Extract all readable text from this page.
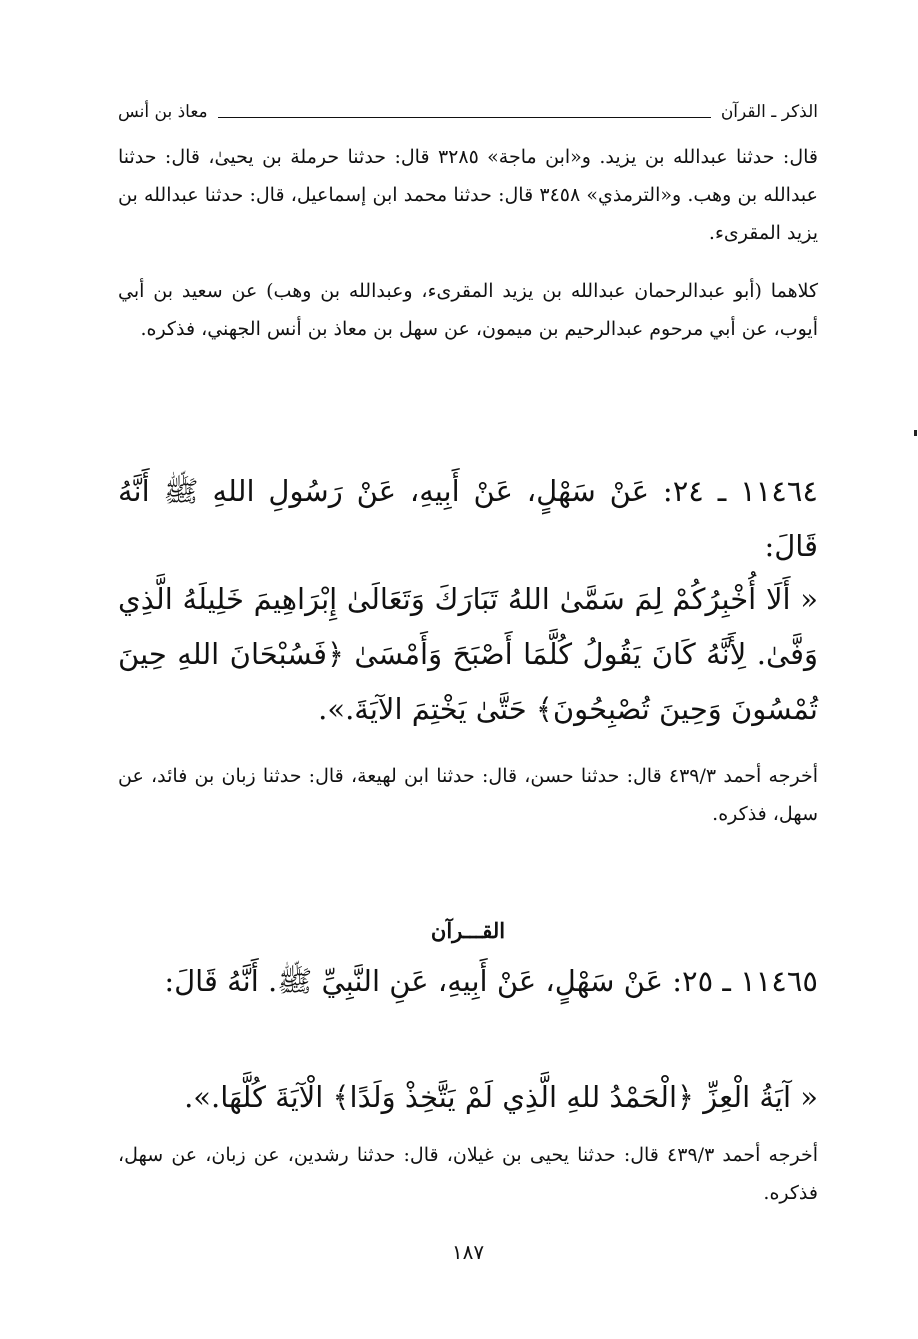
الذكر ـ القرآن
معاذ بن أنس

قال: حدثنا عبدالله بن يزيد. و«ابن ماجة» ٣٢٨٥ قال: حدثنا حرملة بن يحيىٰ، قال: حدثنا عبدالله بن وهب. و«الترمذي» ٣٤٥٨ قال: حدثنا محمد ابن إسماعيل، قال: حدثنا عبدالله بن يزيد المقرىء.

كلاهما (أبو عبدالرحمان عبدالله بن يزيد المقرىء، وعبدالله بن وهب) عن سعيد بن أبي أيوب، عن أبي مرحوم عبدالرحيم بن ميمون، عن سهل بن معاذ بن أنس الجهني، فذكره.

١١٤٦٤ ـ ٢٤: عَنْ سَهْلٍ، عَنْ أَبِيهِ، عَنْ رَسُولِ اللهِ ﷺ أَنَّهُ قَالَ:

« أَلَا أُخْبِرُكُمْ لِمَ سَمَّىٰ اللهُ تَبَارَكَ وَتَعَالَىٰ إِبْرَاهِيمَ خَلِيلَهُ الَّذِي وَفَّىٰ. لِأَنَّهُ كَانَ يَقُولُ كُلَّمَا أَصْبَحَ وَأَمْسَىٰ ﴿فَسُبْحَانَ اللهِ حِينَ تُمْسُونَ وَحِينَ تُصْبِحُونَ﴾ حَتَّىٰ يَخْتِمَ الآيَةَ.».

أخرجه أحمد ٤٣٩/٣ قال: حدثنا حسن، قال: حدثنا ابن لهيعة، قال: حدثنا زبان بن فائد، عن سهل، فذكره.

القـــرآن
١١٤٦٥ ـ ٢٥: عَنْ سَهْلٍ، عَنْ أَبِيهِ، عَنِ النَّبِيِّ ﷺ. أَنَّهُ قَالَ:

« آيَةُ الْعِزِّ ﴿الْحَمْدُ للهِ الَّذِي لَمْ يَتَّخِذْ وَلَدًا﴾ الْآيَةَ كُلَّهَا.».

أخرجه أحمد ٤٣٩/٣ قال: حدثنا يحيى بن غيلان، قال: حدثنا رشدين، عن زبان، عن سهل، فذكره.

١٨٧
